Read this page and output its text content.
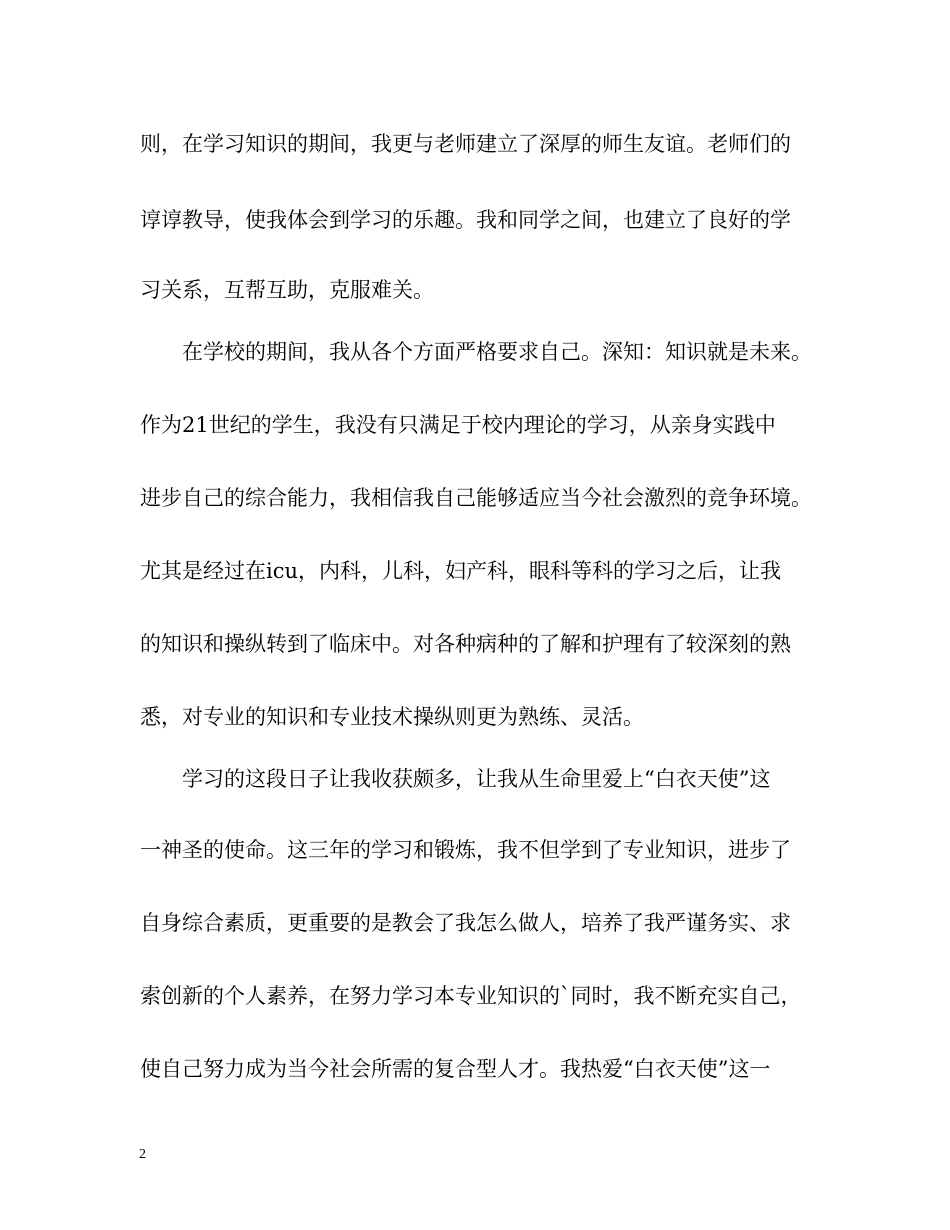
则，在学习知识的期间，我更与老师建立了深厚的师生友谊。老师们的
谆谆教导，使我体会到学习的乐趣。我和同学之间，也建立了良好的学
习关系，互帮互助，克服难关。
在学校的期间，我从各个方面严格要求自己。深知：知识就是未来。
作为21世纪的学生，我没有只满足于校内理论的学习，从亲身实践中
进步自己的综合能力，我相信我自己能够适应当今社会激烈的竞争环境。
尤其是经过在icu，内科，儿科，妇产科，眼科等科的学习之后，让我
的知识和操纵转到了临床中。对各种病种的了解和护理有了较深刻的熟
悉，对专业的知识和专业技术操纵则更为熟练、灵活。
学习的这段日子让我收获颇多，让我从生命里爱上“白衣天使”这
一神圣的使命。这三年的学习和锻炼，我不但学到了专业知识，进步了
自身综合素质，更重要的是教会了我怎么做人，培养了我严谨务实、求
索创新的个人素养，在努力学习本专业知识的`同时，我不断充实自己，
使自己努力成为当今社会所需的复合型人才。我热爱“白衣天使”这一
2
